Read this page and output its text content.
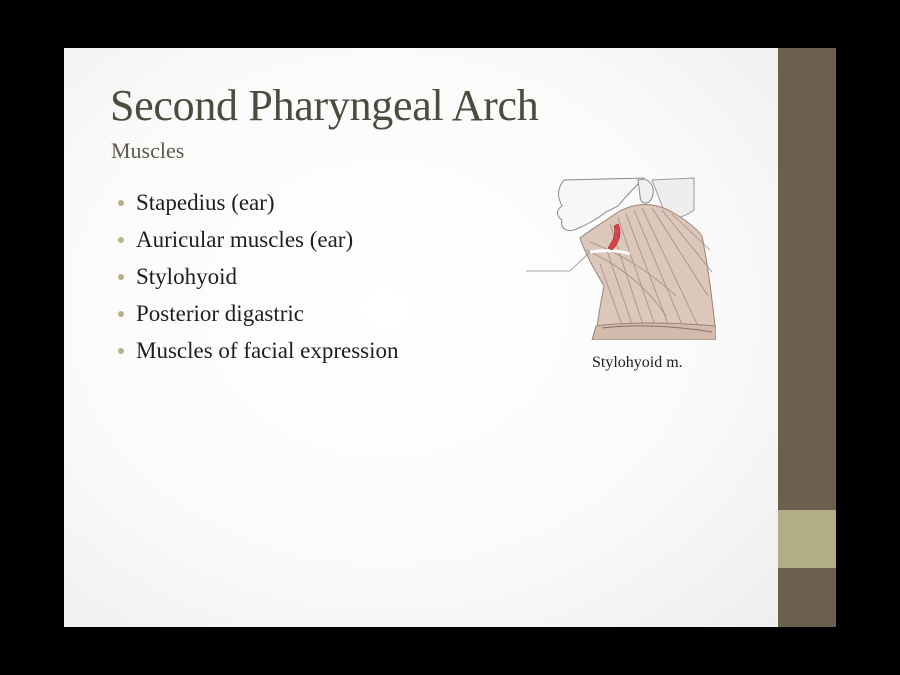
Second Pharyngeal Arch
Muscles
Stapedius (ear)
Auricular muscles (ear)
Stylohyoid
Posterior digastric
Muscles of facial expression	Stylohyoid m.
